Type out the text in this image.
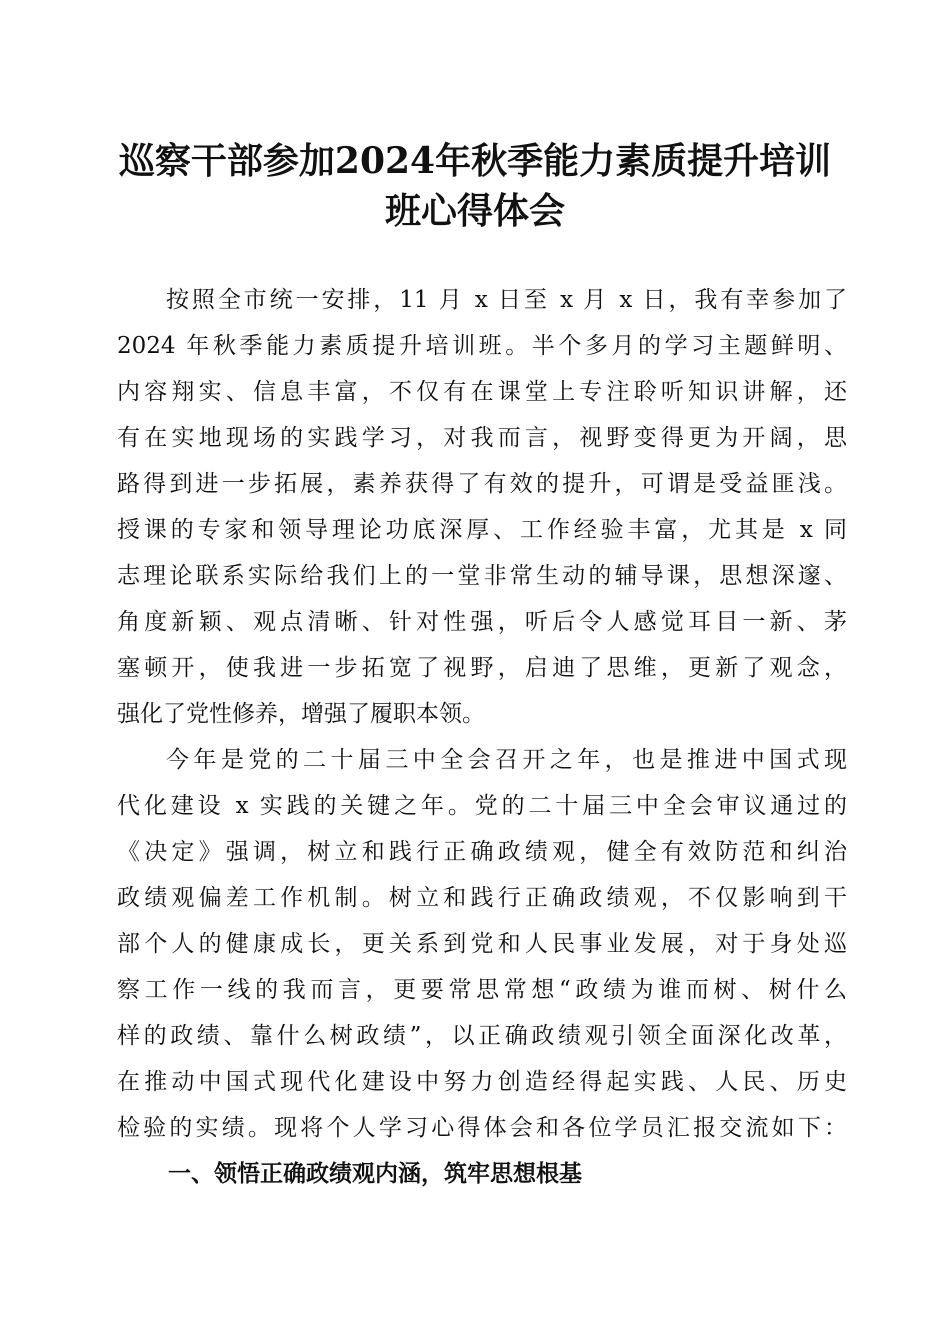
巡察干部参加2024年秋季能力素质提升培训
班心得体会
按照全市统一安排，11 月 x 日至 x 月 x 日，我有幸参加了
2024 年秋季能力素质提升培训班。半个多月的学习主题鲜明、
内容翔实、信息丰富，不仅有在课堂上专注聆听知识讲解，还
有在实地现场的实践学习，对我而言，视野变得更为开阔，思
路得到进一步拓展，素养获得了有效的提升，可谓是受益匪浅。
授课的专家和领导理论功底深厚、工作经验丰富，尤其是 x 同
志理论联系实际给我们上的一堂非常生动的辅导课，思想深邃、
角度新颖、观点清晰、针对性强，听后令人感觉耳目一新、茅
塞顿开，使我进一步拓宽了视野，启迪了思维，更新了观念，
强化了党性修养，增强了履职本领。
今年是党的二十届三中全会召开之年，也是推进中国式现
代化建设 x 实践的关键之年。党的二十届三中全会审议通过的
《决定》强调，树立和践行正确政绩观，健全有效防范和纠治
政绩观偏差工作机制。树立和践行正确政绩观，不仅影响到干
部个人的健康成长，更关系到党和人民事业发展，对于身处巡
察工作一线的我而言，更要常思常想“政绩为谁而树、树什么
样的政绩、靠什么树政绩”，以正确政绩观引领全面深化改革，
在推动中国式现代化建设中努力创造经得起实践、人民、历史
检验的实绩。现将个人学习心得体会和各位学员汇报交流如下：
一、领悟正确政绩观内涵，筑牢思想根基
